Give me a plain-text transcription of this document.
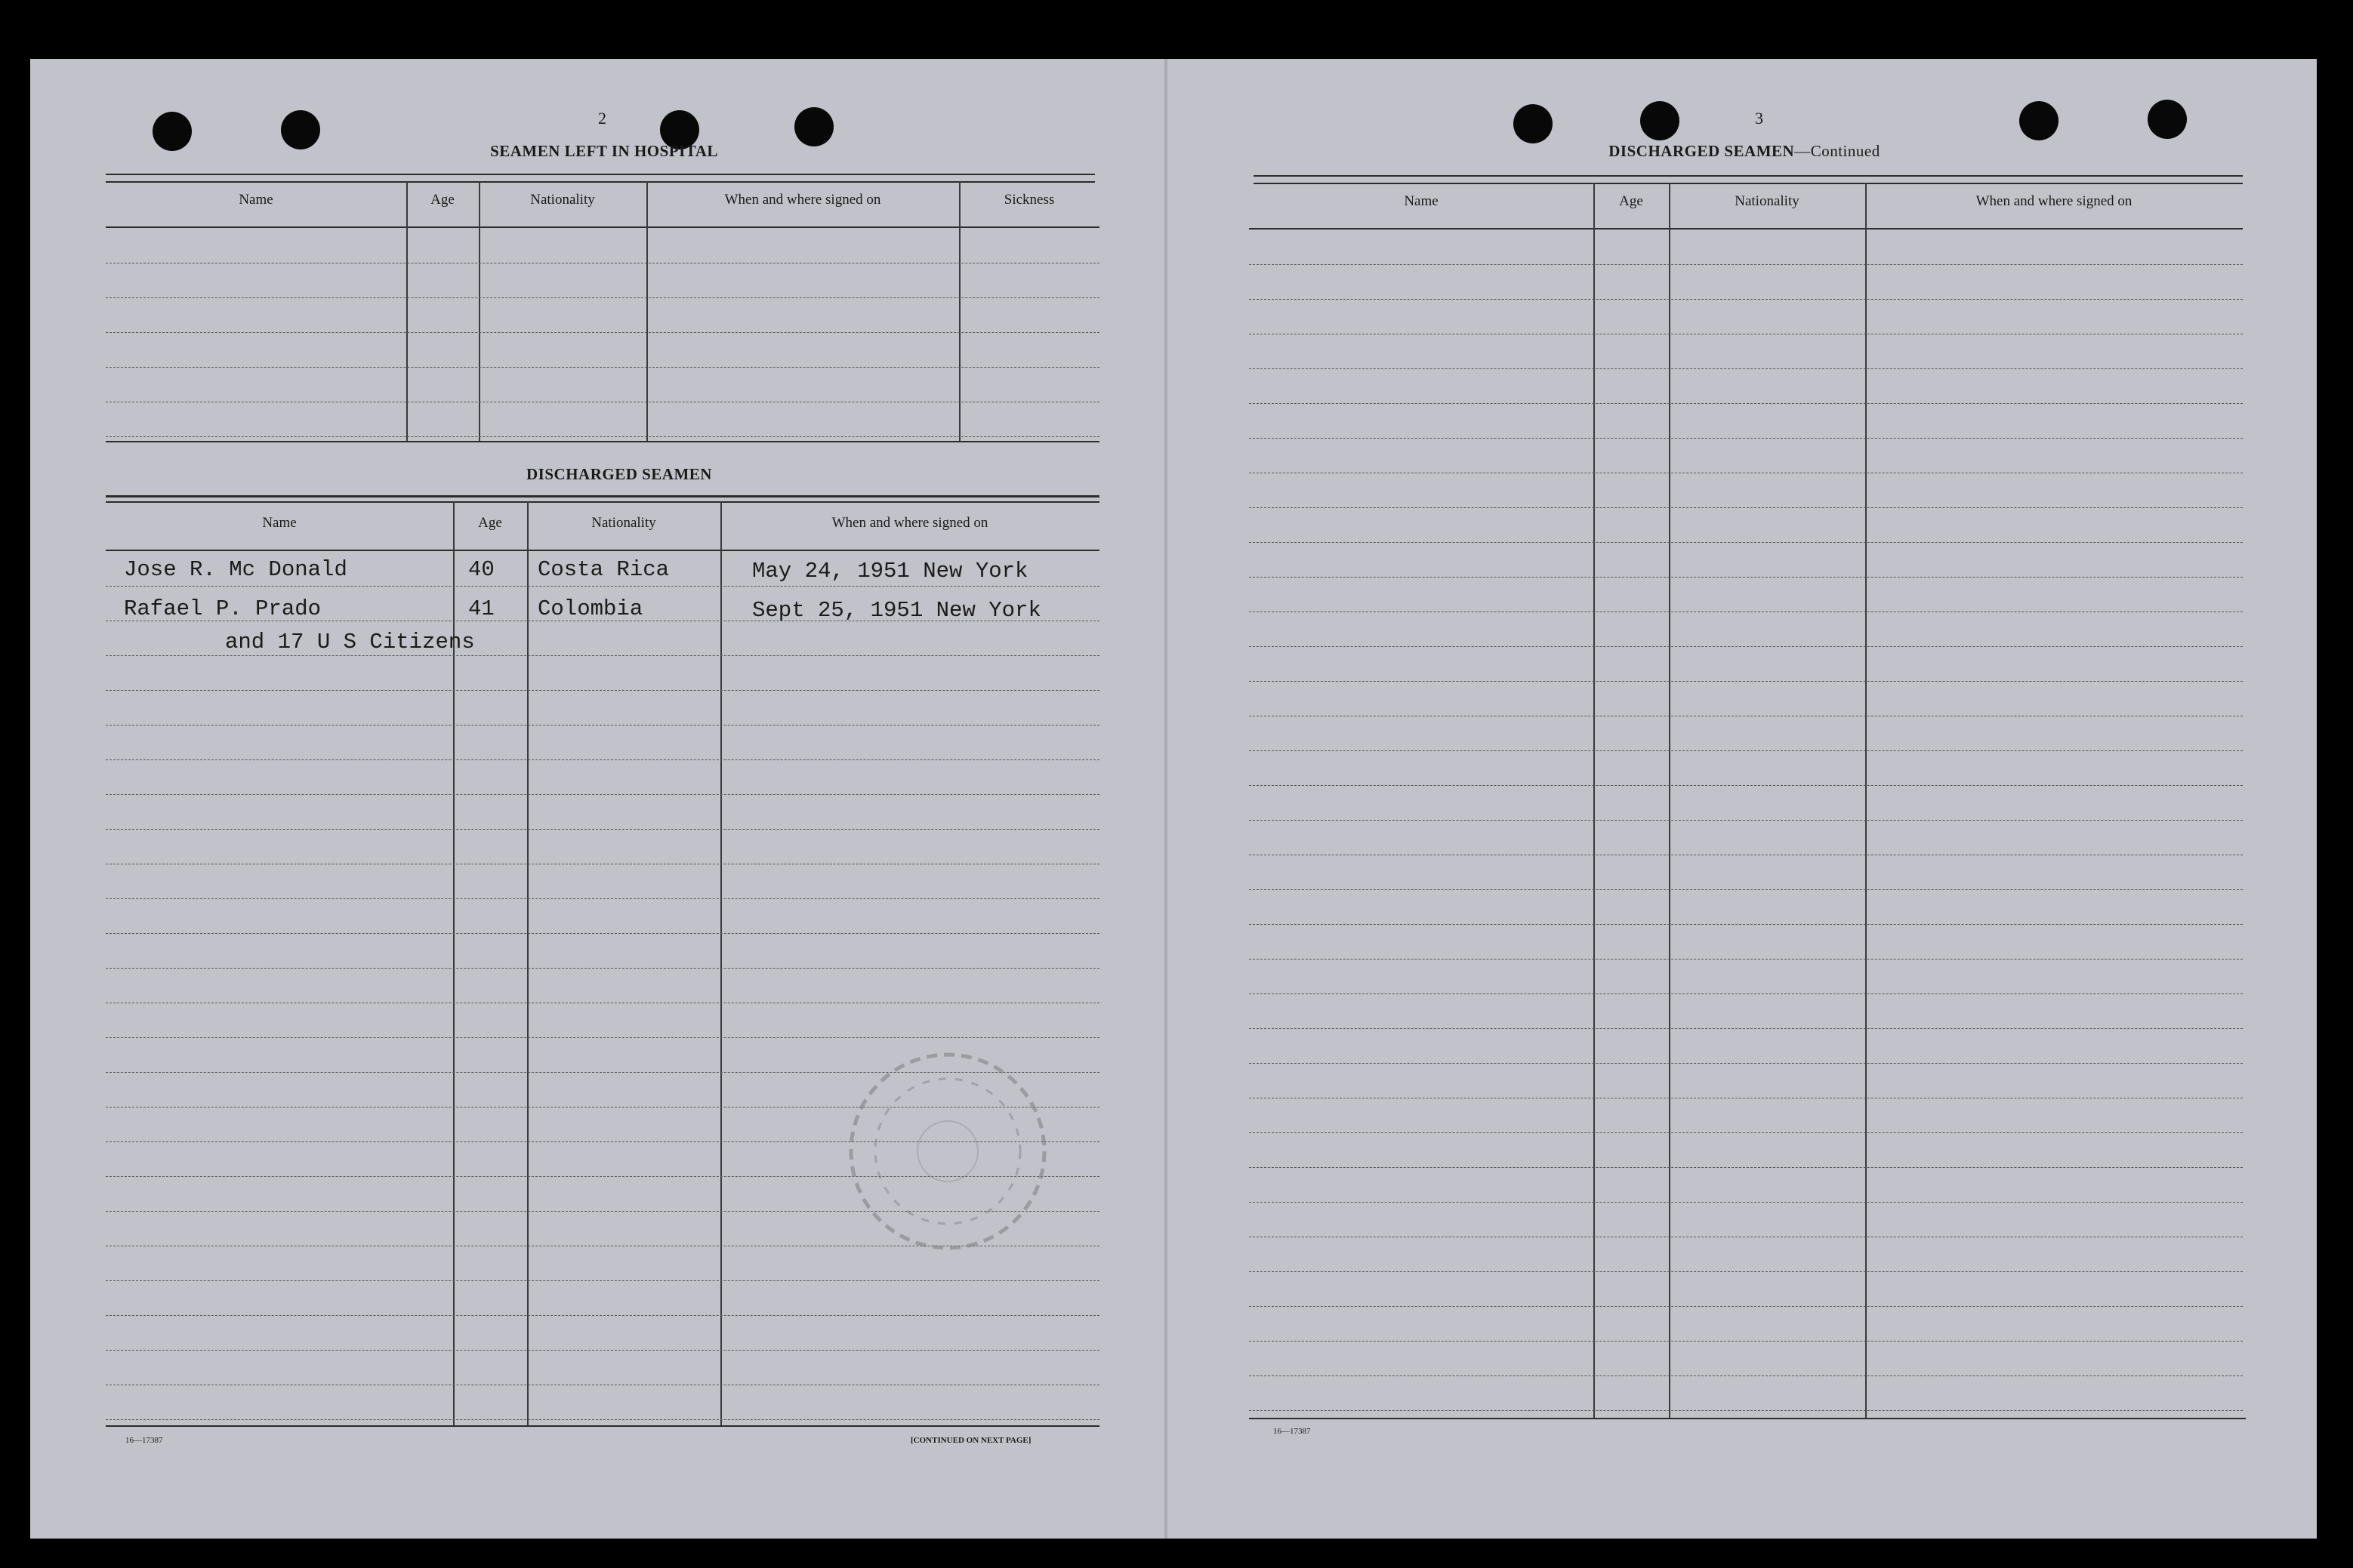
2
SEAMEN LEFT IN HOSPITAL
Name	Age	Nationality	When and where signed on	Sickness
DISCHARGED SEAMEN
Name	Age	Nationality	When and where signed on
Jose R. Mc Donald	40 Costa Rica	May 24, 1951 New York
Rafael P. Prado	41 Colombia	Sept 25, 1951 New York
and 17 U S Citizens
16—17387	[CONTINUED ON NEXT PAGE]
3
DISCHARGED SEAMEN—Continued
Name	Age	Nationality	When and where signed on
16—17387
